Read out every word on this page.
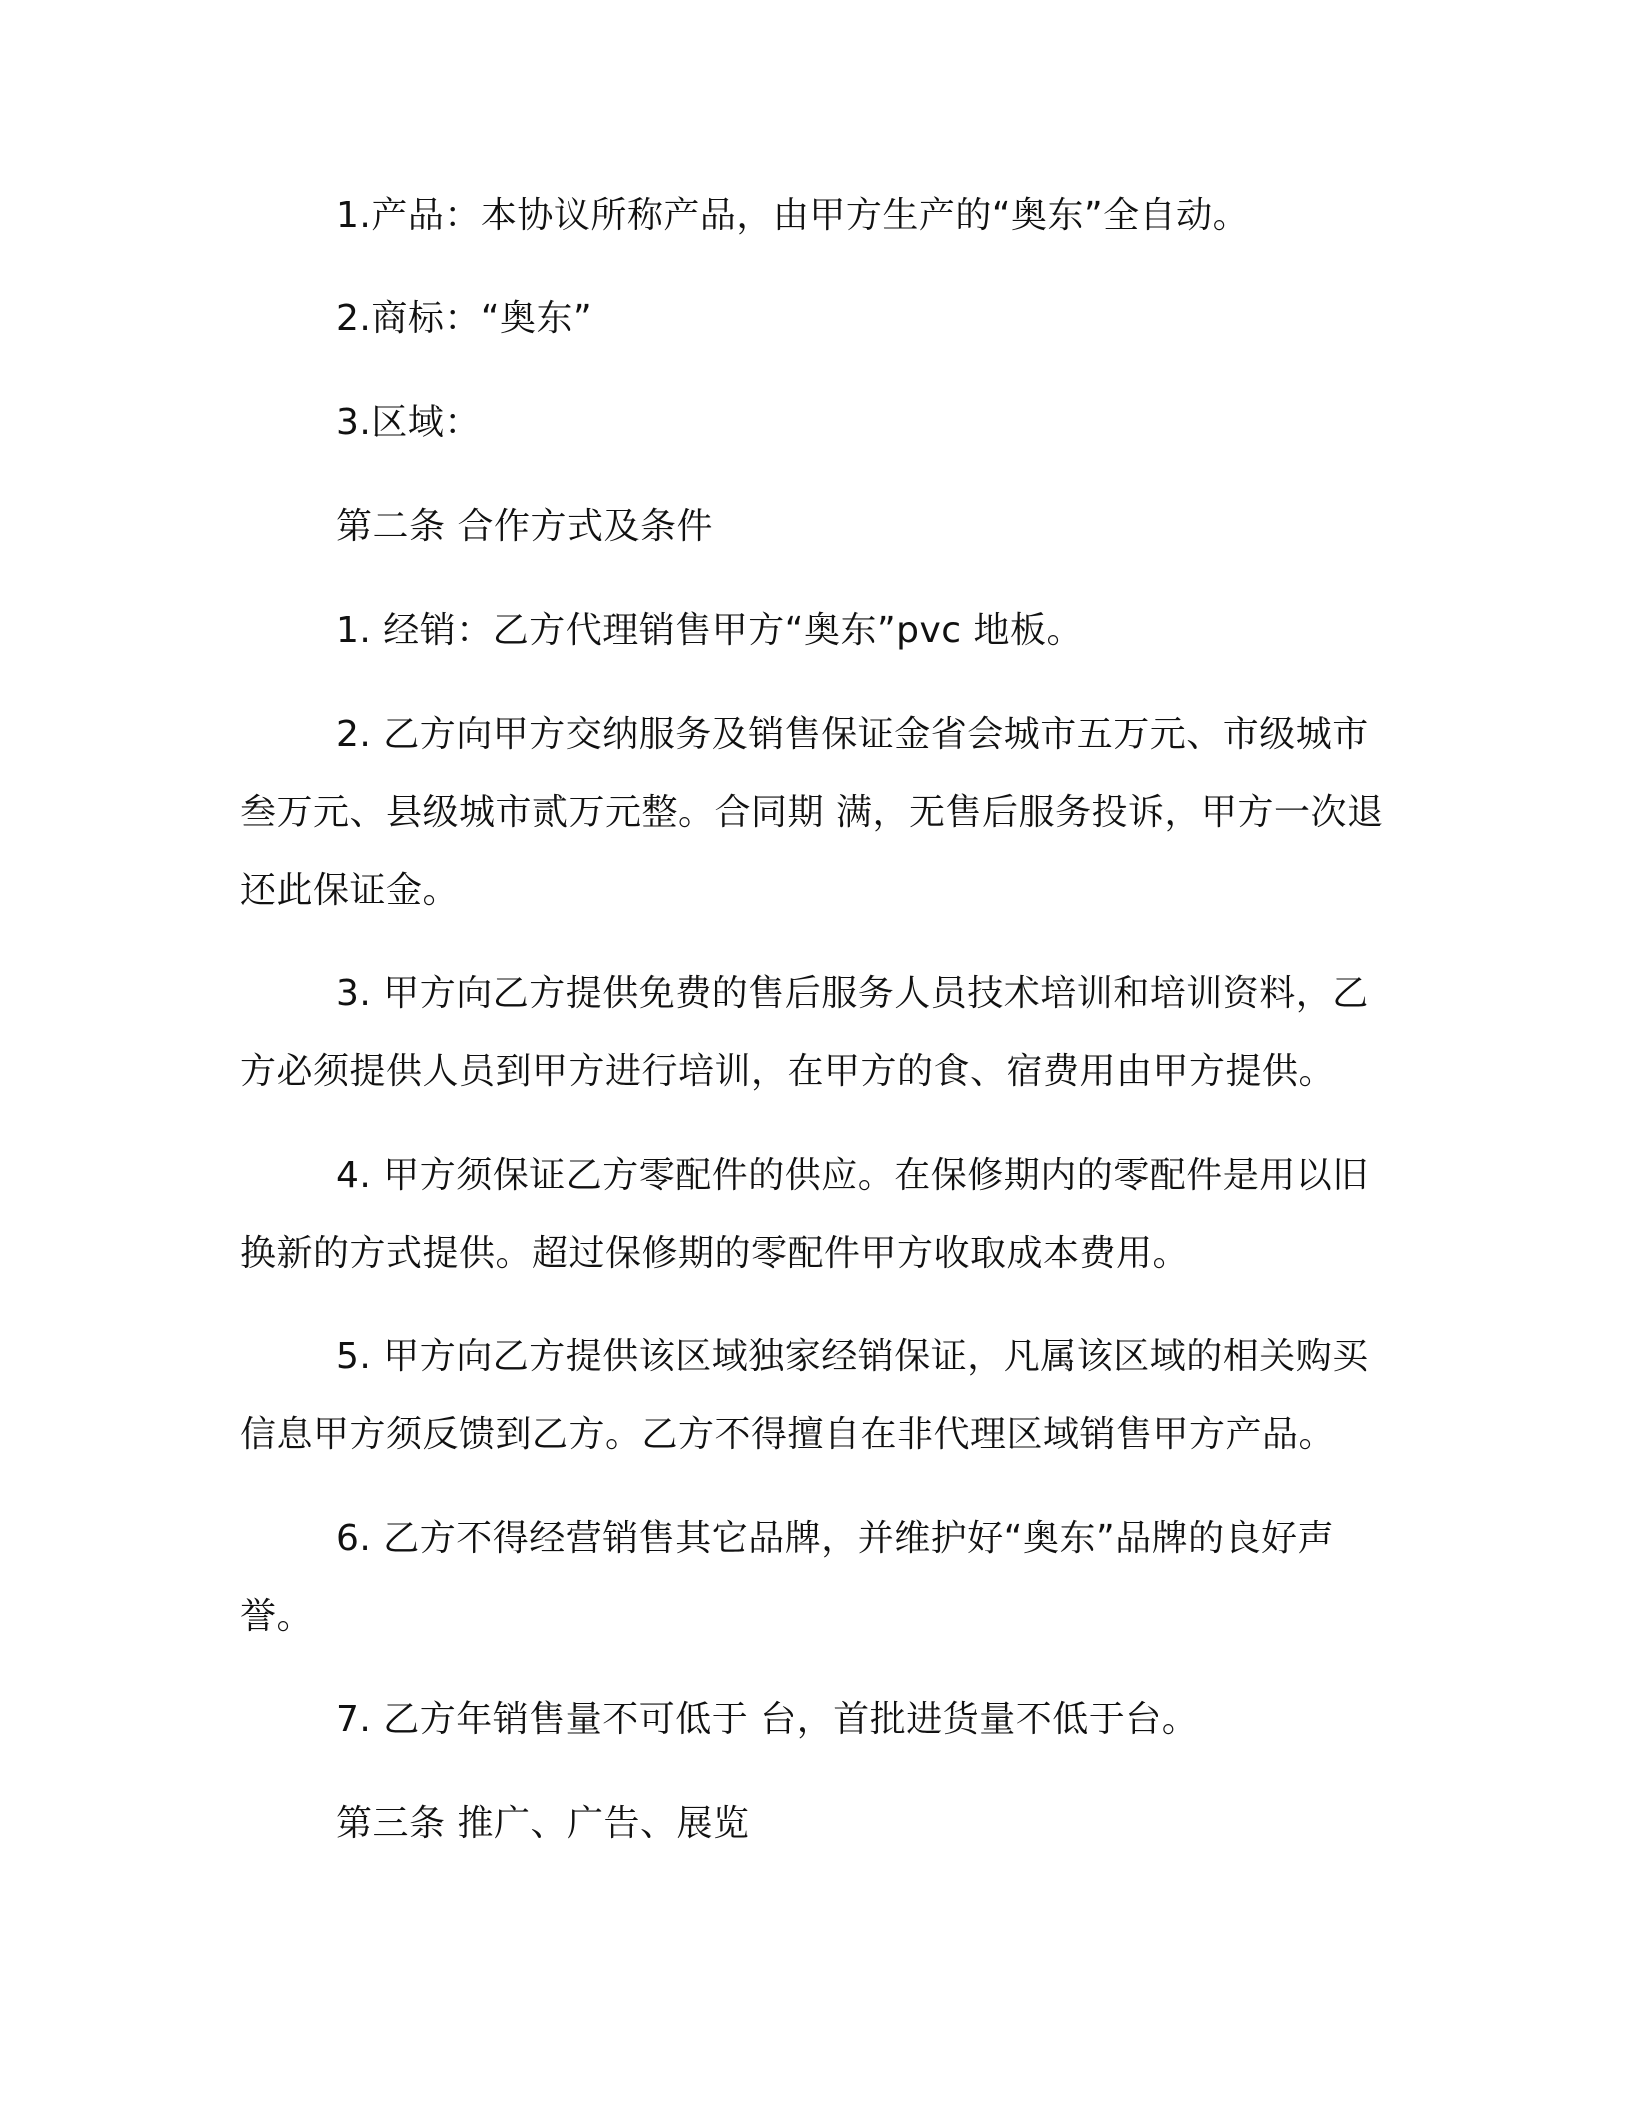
1.产品：本协议所称产品，由甲方生产的“奥东”全自动。
2.商标：“奥东”
3.区域：
第二条 合作方式及条件
1. 经销：乙方代理销售甲方“奥东”pvc 地板。
2. 乙方向甲方交纳服务及销售保证金省会城市五万元、市级城市叁万元、县级城市贰万元整。合同期 满，无售后服务投诉，甲方一次退还此保证金。
3. 甲方向乙方提供免费的售后服务人员技术培训和培训资料，乙方必须提供人员到甲方进行培训，在甲方的食、宿费用由甲方提供。
4. 甲方须保证乙方零配件的供应。在保修期内的零配件是用以旧换新的方式提供。超过保修期的零配件甲方收取成本费用。
5. 甲方向乙方提供该区域独家经销保证，凡属该区域的相关购买信息甲方须反馈到乙方。乙方不得擅自在非代理区域销售甲方产品。
6. 乙方不得经营销售其它品牌，并维护好“奥东”品牌的良好声誉。
7. 乙方年销售量不可低于 台，首批进货量不低于台。
第三条 推广、广告、展览
